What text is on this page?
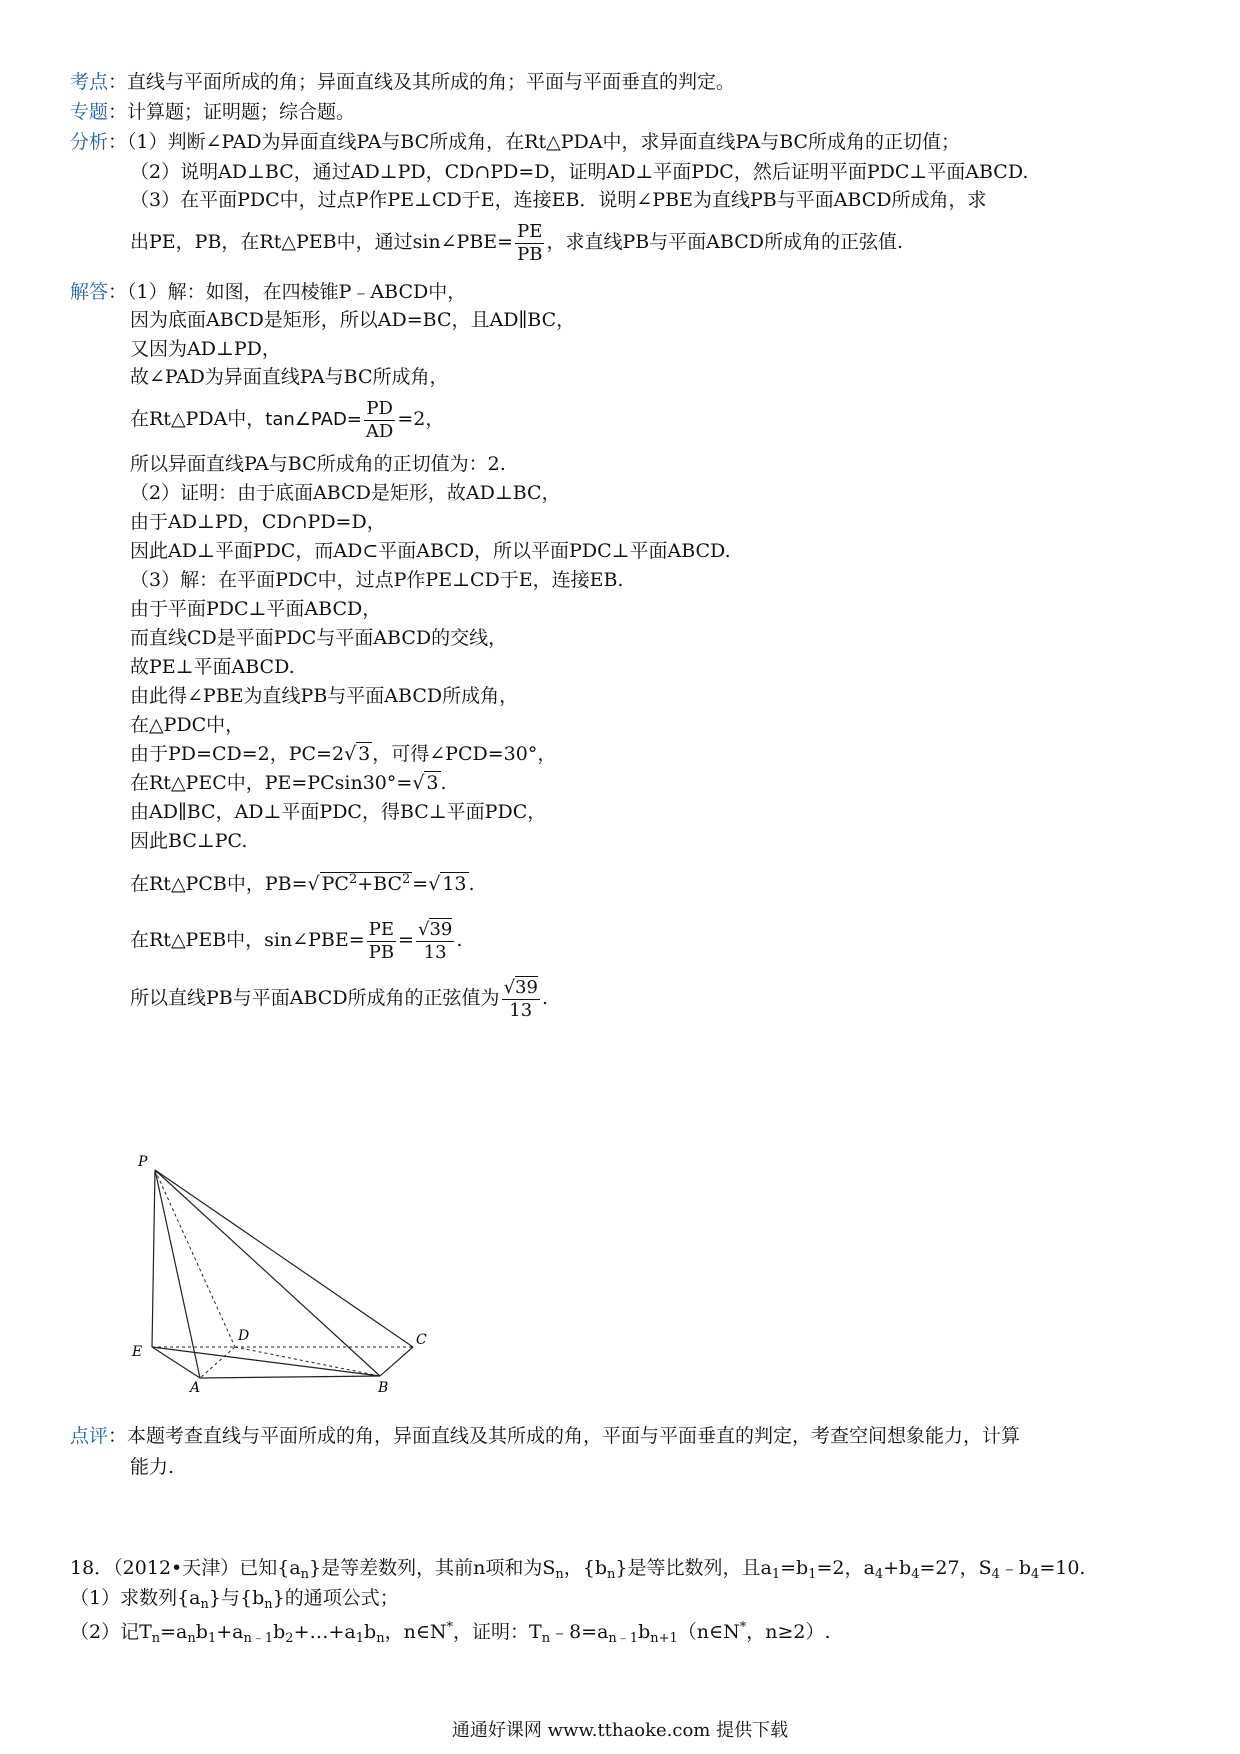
考点：直线与平面所成的角；异面直线及其所成的角；平面与平面垂直的判定。
专题：计算题；证明题；综合题。
分析：（1）判断∠PAD为异面直线PA与BC所成角，在Rt△PDA中，求异面直线PA与BC所成角的正切值；
（2）说明AD⊥BC，通过AD⊥PD，CD∩PD=D，证明AD⊥平面PDC，然后证明平面PDC⊥平面ABCD.
（3）在平面PDC中，过点P作PE⊥CD于E，连接EB．说明∠PBE为直线PB与平面ABCD所成角，求
出PE，PB，在Rt△PEB中，通过sin∠PBE= $\frac{PE}{PB}$ ，求直线PB与平面ABCD所成角的正弦值.
解答：（1）解：如图，在四棱锥P﹣ABCD中，
因为底面ABCD是矩形，所以AD=BC，且AD∥BC，
又因为AD⊥PD，
故∠PAD为异面直线PA与BC所成角，
在Rt△PDA中，tan∠PAD= $\frac{PD}{AD} =2$，
所以异面直线PA与BC所成角的正切值为：2.
（2）证明：由于底面ABCD是矩形，故AD⊥BC，
由于AD⊥PD，CD∩PD=D，
因此AD⊥平面PDC，而AD⊂平面ABCD，所以平面PDC⊥平面ABCD.
（3）解：在平面PDC中，过点P作PE⊥CD于E，连接EB.
由于平面PDC⊥平面ABCD，
而直线CD是平面PDC与平面ABCD的交线，
故PE⊥平面ABCD.
由此得∠PBE为直线PB与平面ABCD所成角，
在△PDC中，
由于PD=CD=2，PC=2√ 3 ，可得∠PCD=30°，
在Rt△PEC中，PE=PCsin30°=√ 3 .
由AD∥BC，AD⊥平面PDC，得BC⊥平面PDC，
因此BC⊥PC.
在Rt△PCB中，PB=√ $PC^2+BC^2$ =√ 13 .
在Rt△PEB中，sin∠PBE= $\frac{PE}{PB} = \frac{√39}{13}$ .
所以直线PB与平面ABCD所成角的正弦值为 $\frac{√39}{13}$ .
P
D	C
E
A	B
点评：本题考查直线与平面所成的角，异面直线及其所成的角，平面与平面垂直的判定，考查空间想象能力，计算
能力.
18．（2012•天津）已知$\{a_n\}$是等差数列，其前n项和为$S_n$，$\{b_n\}$是等比数列，且$a_1=b_1=2$，$a_4+b_4=27$，$S_4﹣b_4=10$.
（1）求数列$\{a_n\}$与$\{b_n\}$的通项公式；
（2）记$T_n=a_nb_1+a_{n﹣1}b_2+\dots+a_1b_n$，n∈N*，证明：$T_n﹣8=a_{n﹣1}b_{n+1}(n\in N^*$，n≥2）.
通通好课网 www.tthaoke.com 提供下载
